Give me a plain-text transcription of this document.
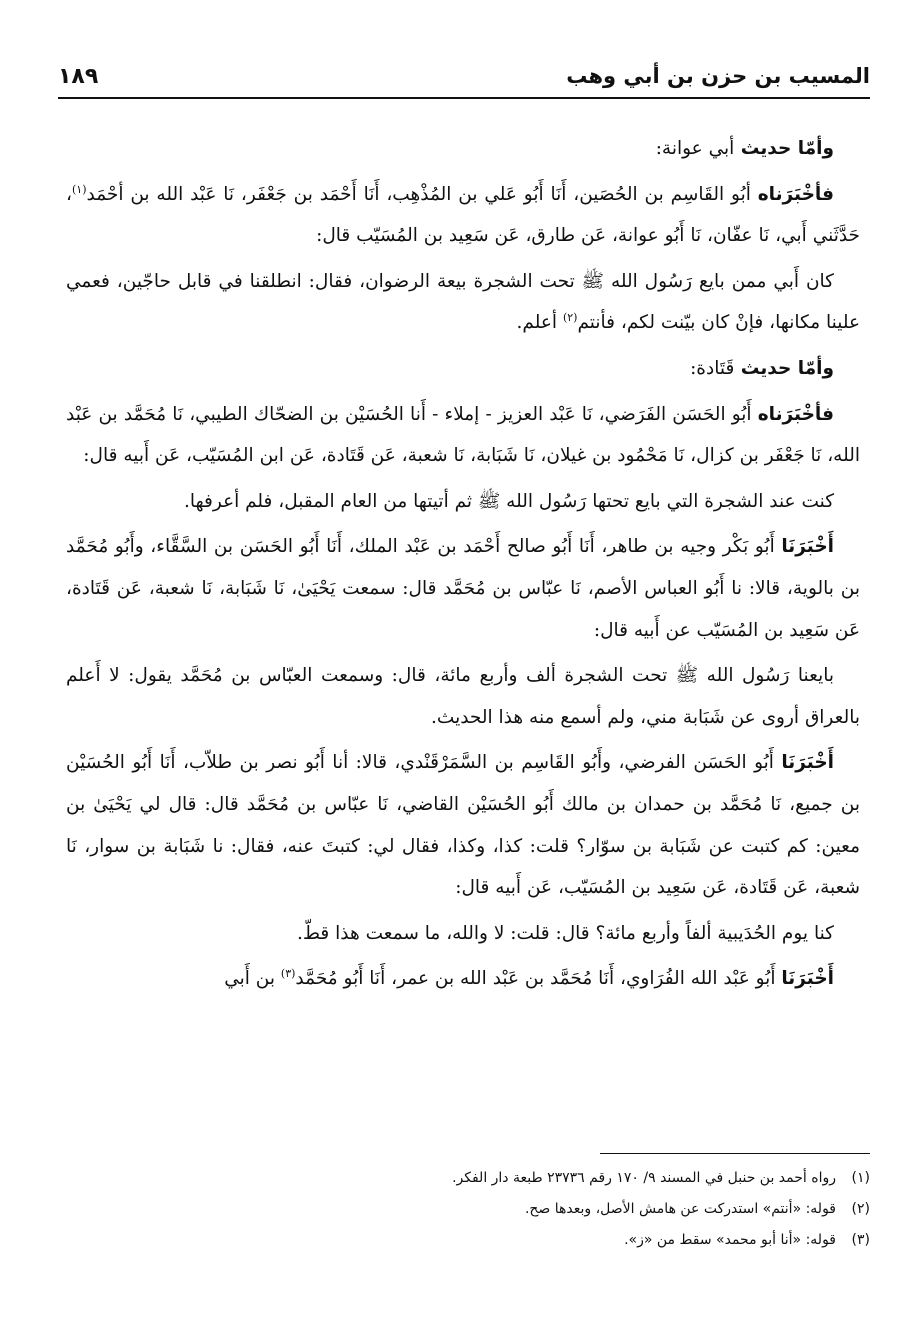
المسيب بن حزن بن أبي وهب
١٨٩

وأمّا حديث أبي عوانة:

فأخْبَرَناه أبُو القَاسِم بن الحُصَين، أَنَا أَبُو عَلي بن المُذْهِب، أَنَا أَحْمَد بن جَعْفَر، نَا عَبْد الله بن أحْمَد$^{(١)}$، حَدَّثَني أَبي، نَا عفّان، نَا أَبُو عوانة، عَن طارق، عَن سَعِيد بن المُسَيّب قال:

كان أَبي ممن بايع رَسُول الله ﷺ تحت الشجرة بيعة الرضوان، فقال: انطلقنا في قابل حاجّين، فعمي علينا مكانها، فإنْ كان بيّنت لكم، فأنتم$^{(٢)}$ أعلم.

وأمّا حديث قَتَادة:

فأخْبَرَناه أَبُو الحَسَن الفَرَضي، نَا عَبْد العزيز - إملاء - أَنا الحُسَيْن بن الضحّاك الطيبي، نَا مُحَمَّد بن عَبْد الله، نَا جَعْفَر بن كزال، نَا مَحْمُود بن غيلان، نَا شَبَابة، نَا شعبة، عَن قَتَادة، عَن ابن المُسَيّب، عَن أَبيه قال:

كنت عند الشجرة التي بايع تحتها رَسُول الله ﷺ ثم أتيتها من العام المقبل، فلم أعرفها.

أَخْبَرَنَا أَبُو بَكْر وجيه بن طاهر، أَنَا أَبُو صالح أَحْمَد بن عَبْد الملك، أَنَا أَبُو الحَسَن بن السَّقَّاء، وأَبُو مُحَمَّد بن بالوية، قالا: نا أَبُو العباس الأصم، نَا عبّاس بن مُحَمَّد قال: سمعت يَحْيَىٰ، نَا شَبَابة، نَا شعبة، عَن قَتَادة، عَن سَعِيد بن المُسَيّب عن أَبيه قال:

بايعنا رَسُول الله ﷺ تحت الشجرة ألف وأربع مائة، قال: وسمعت العبّاس بن مُحَمَّد يقول: لا أَعلم بالعراق أروى عن شَبَابة مني، ولم أسمع منه هذا الحديث.

أَخْبَرَنَا أَبُو الحَسَن الفرضي، وأَبُو القَاسِم بن السَّمَرْقَنْدي، قالا: أنا أَبُو نصر بن طلاّب، أَنَا أَبُو الحُسَيْن بن جميع، نَا مُحَمَّد بن حمدان بن مالك أَبُو الحُسَيْن القاضي، نَا عبّاس بن مُحَمَّد قال: قال لي يَحْيَىٰ بن معين: كم كتبت عن شَبَابة بن سوّار؟ قلت: كذا، وكذا، فقال لي: كتبتَ عنه، فقال: نا شَبَابة بن سوار، نَا شعبة، عَن قَتَادة، عَن سَعِيد بن المُسَيّب، عَن أَبيه قال:

كنا يوم الحُدَيبية ألفاً وأربع مائة؟ قال: قلت: لا والله، ما سمعت هذا قطّ.

أَخْبَرَنَا أَبُو عَبْد الله الفُرَاوي، أَنَا مُحَمَّد بن عَبْد الله بن عمر، أَنَا أَبُو مُحَمَّد$^{(٣)}$ بن أَبي

(١)رواه أحمد بن حنبل في المسند ٩/ ١٧٠ رقم ٢٣٧٣٦ طبعة دار الفكر.
(٢)قوله: «أنتم» استدركت عن هامش الأصل، وبعدها صح.
(٣)قوله: «أنا أبو محمد» سقط من «ز».
